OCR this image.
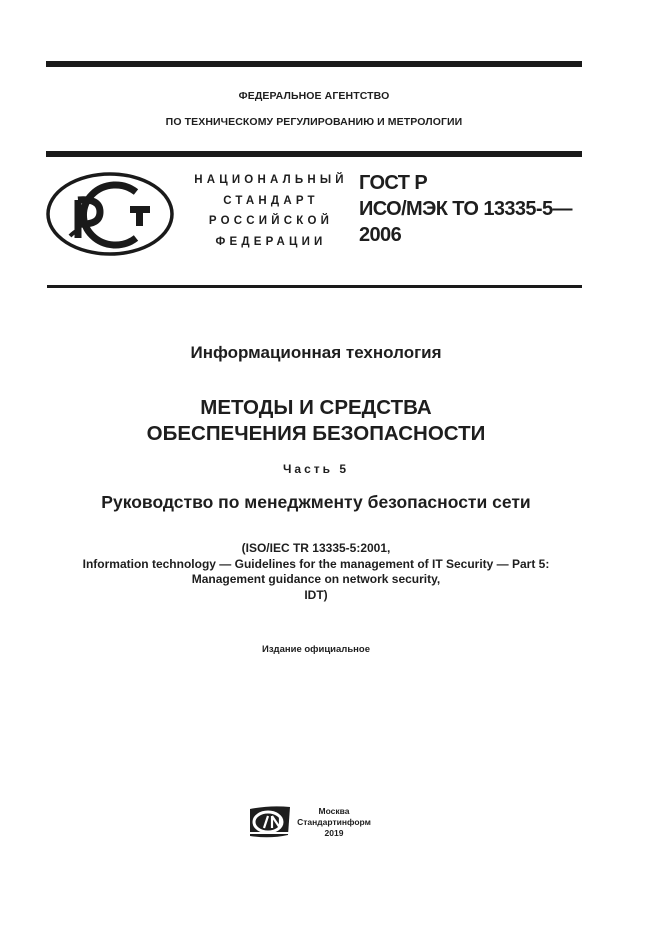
ФЕДЕРАЛЬНОЕ АГЕНТСТВО
ПО ТЕХНИЧЕСКОМУ РЕГУЛИРОВАНИЮ И МЕТРОЛОГИИ
НАЦИОНАЛЬНЫЙ
СТАНДАРТ
РОССИЙСКОЙ
ФЕДЕРАЦИИ
ГОСТ Р
ИСО/МЭК ТО 13335-5—
2006
Информационная технология
МЕТОДЫ И СРЕДСТВА
ОБЕСПЕЧЕНИЯ БЕЗОПАСНОСТИ
Часть 5
Руководство по менеджменту безопасности сети
(ISO/IEC TR 13335-5:2001,
Information technology — Guidelines for the management of IT Security — Part 5:
Management guidance on network security,
IDT)
Издание официальное
Москва
Стандартинформ
2019
